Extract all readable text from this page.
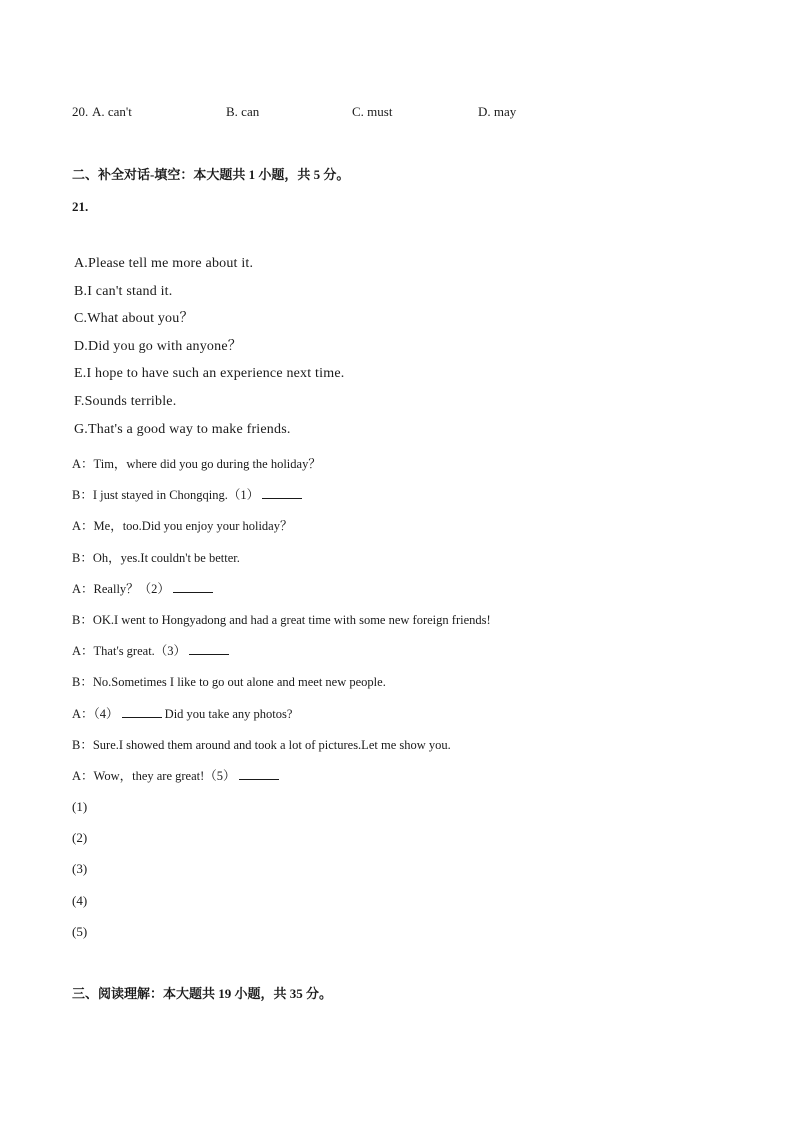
20. A. can't	B. can	C. must	D. may
二、补全对话-填空：本大题共 1 小题，共 5 分。
21.
A.Please tell me more about it.
B.I can't stand it.
C.What about you？
D.Did you go with anyone？
E.I hope to have such an experience next time.
F.Sounds terrible.
G.That's a good way to make friends.
A：Tim，where did you go during the holiday？
B：I just stayed in Chongqing.（1）
A：Me，too.Did you enjoy your holiday？
B：Oh，yes.It couldn't be better.
A：Really？（2）
B：OK.I went to Hongyadong and had a great time with some new foreign friends!
A：That's great.（3）
B：No.Sometimes I like to go out alone and meet new people.
A：（4）	Did you take any photos?
B：Sure.I showed them around and took a lot of pictures.Let me show you.
A：Wow，they are great!（5）
(1)
(2)
(3)
(4)
(5)
三、阅读理解：本大题共 19 小题，共 35 分。
